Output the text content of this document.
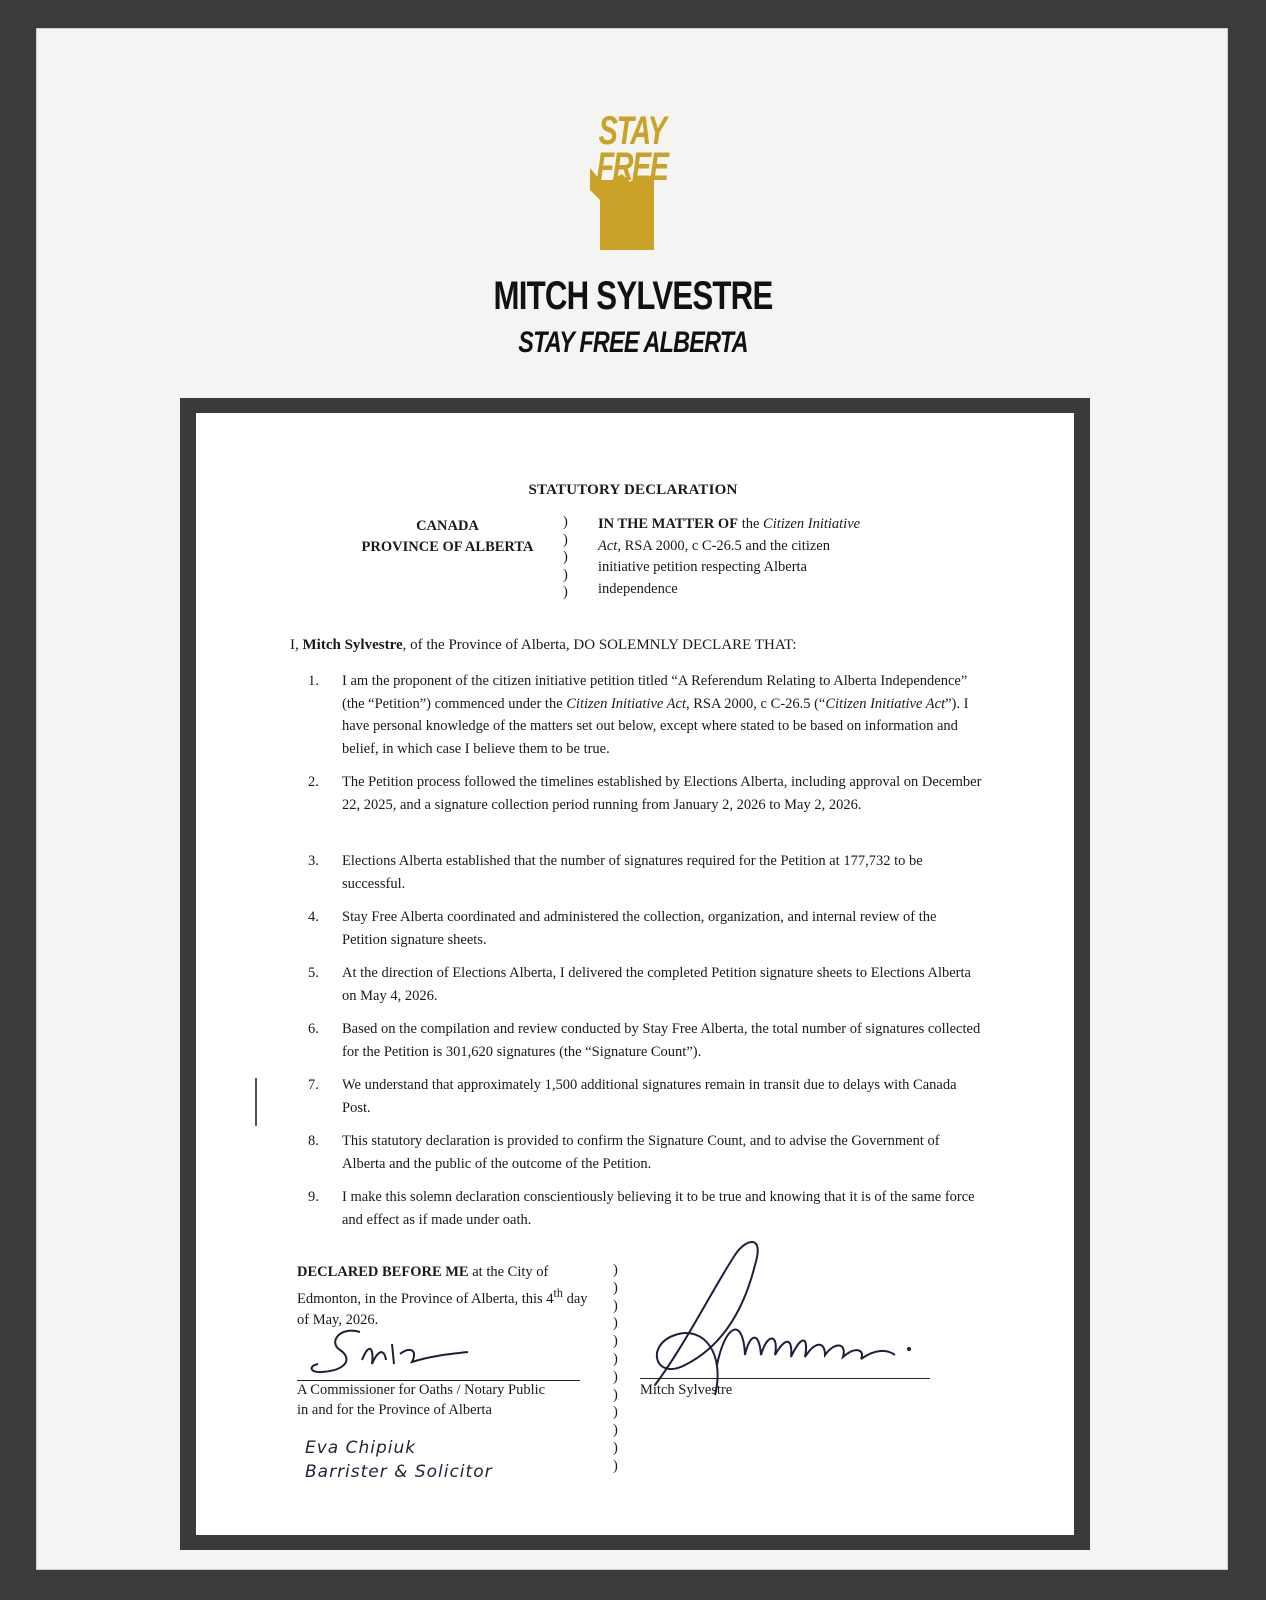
STAY
FREE
MITCH SYLVESTRE
STAY FREE ALBERTA
STATUTORY DECLARATION
CANADA
PROVINCE OF ALBERTA
)
)
)
)
)
IN THE MATTER OF the Citizen Initiative Act, RSA 2000, c C-26.5 and the citizen initiative petition respecting Alberta independence
I, Mitch Sylvestre, of the Province of Alberta, DO SOLEMNLY DECLARE THAT:
1. I am the proponent of the citizen initiative petition titled “A Referendum Relating to Alberta Independence” (the “Petition”) commenced under the Citizen Initiative Act, RSA 2000, c C-26.5 (“Citizen Initiative Act”). I have personal knowledge of the matters set out below, except where stated to be based on information and belief, in which case I believe them to be true.
2. The Petition process followed the timelines established by Elections Alberta, including approval on December 22, 2025, and a signature collection period running from January 2, 2026 to May 2, 2026.
3. Elections Alberta established that the number of signatures required for the Petition at 177,732 to be successful.
4. Stay Free Alberta coordinated and administered the collection, organization, and internal review of the Petition signature sheets.
5. At the direction of Elections Alberta, I delivered the completed Petition signature sheets to Elections Alberta on May 4, 2026.
6. Based on the compilation and review conducted by Stay Free Alberta, the total number of signatures collected for the Petition is 301,620 signatures (the “Signature Count”).
7. We understand that approximately 1,500 additional signatures remain in transit due to delays with Canada Post.
8. This statutory declaration is provided to confirm the Signature Count, and to advise the Government of Alberta and the public of the outcome of the Petition.
9. I make this solemn declaration conscientiously believing it to be true and knowing that it is of the same force and effect as if made under oath.
DECLARED BEFORE ME at the City of Edmonton, in the Province of Alberta, this 4th day of May, 2026.
)
)
)
)
)
)
)
)
)
)
)
)
A Commissioner for Oaths / Notary Public
in and for the Province of Alberta
Mitch Sylvestre
Eva Chipiuk
Barrister & Solicitor
